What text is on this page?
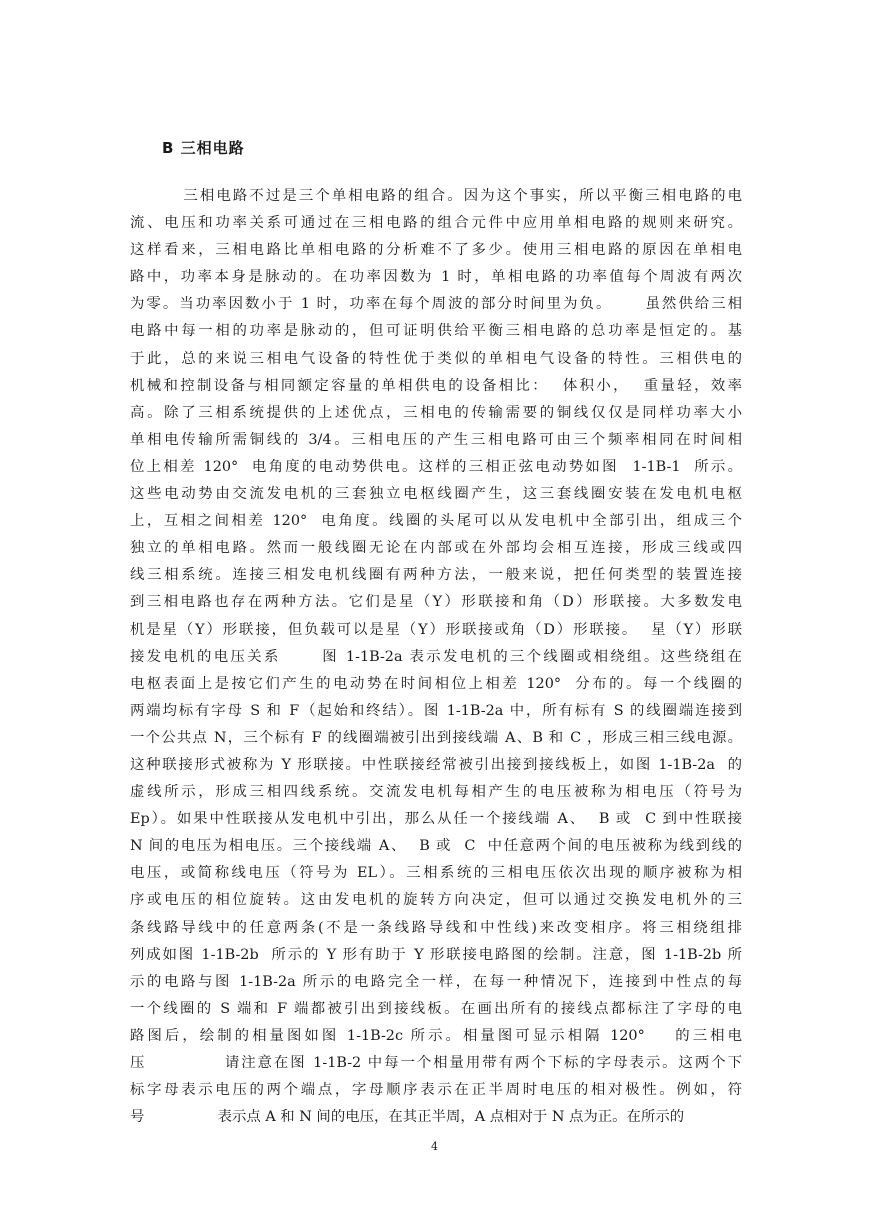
B 三相电路
三相电路不过是三个单相电路的组合。因为这个事实，所以平衡三相电路的电
流、电压和功率关系可通过在三相电路的组合元件中应用单相电路的规则来研究。
这样看来，三相电路比单相电路的分析难不了多少。使用三相电路的原因在单相电
路中，功率本身是脉动的。在功率因数为 1 时，单相电路的功率值每个周波有两次
为零。当功率因数小于 1 时，功率在每个周波的部分时间里为负。     虽然供给三相
电路中每一相的功率是脉动的，但可证明供给平衡三相电路的总功率是恒定的。基
于此，总的来说三相电气设备的特性优于类似的单相电气设备的特性。三相供电的
机械和控制设备与相同额定容量的单相供电的设备相比：  体积小，  重量轻，效率
高。除了三相系统提供的上述优点，三相电的传输需要的铜线仅仅是同样功率大小
单相电传输所需铜线的 3/4。三相电压的产生三相电路可由三个频率相同在时间相
位上相差 120°  电角度的电动势供电。这样的三相正弦电动势如图  1-1B-1  所示。
这些电动势由交流发电机的三套独立电枢线圈产生，这三套线圈安装在发电机电枢
上，互相之间相差 120°  电角度。线圈的头尾可以从发电机中全部引出，组成三个
独立的单相电路。然而一般线圈无论在内部或在外部均会相互连接，形成三线或四
线三相系统。连接三相发电机线圈有两种方法，一般来说，把任何类型的装置连接
到三相电路也存在两种方法。它们是星（Y）形联接和角（D）形联接。大多数发电
机是星（Y）形联接，但负载可以是星（Y）形联接或角（D）形联接。  星（Y）形联
接发电机的电压关系      图 1-1B-2a 表示发电机的三个线圈或相绕组。这些绕组在
电枢表面上是按它们产生的电动势在时间相位上相差 120°  分布的。每一个线圈的
两端均标有字母 S 和 F（起始和终结）。图 1-1B-2a 中，所有标有 S 的线圈端连接到
一个公共点 N，三个标有 F 的线圈端被引出到接线端 A、B 和 C ，形成三相三线电源。
这种联接形式被称为 Y 形联接。中性联接经常被引出接到接线板上，如图 1-1B-2a  的
虚线所示，形成三相四线系统。交流发电机每相产生的电压被称为相电压（符号为
Ep）。如果中性联接从发电机中引出，那么从任一个接线端 A、  B 或  C 到中性联接
N 间的电压为相电压。三个接线端 A、  B 或  C  中任意两个间的电压被称为线到线的
电压，或简称线电压（符号为 EL）。三相系统的三相电压依次出现的顺序被称为相
序或电压的相位旋转。这由发电机的旋转方向决定，但可以通过交换发电机外的三
条线路导线中的任意两条(不是一条线路导线和中性线)来改变相序。将三相绕组排
列成如图 1-1B-2b  所示的 Y 形有助于 Y 形联接电路图的绘制。注意，图 1-1B-2b 所
示的电路与图 1-1B-2a 所示的电路完全一样，在每一种情况下，连接到中性点的每
一个线圈的 S 端和 F 端都被引出到接线板。在画出所有的接线点都标注了字母的电
路图后，绘制的相量图如图 1-1B-2c 所示。相量图可显示相隔 120°    的三相电
压            请注意在图 1-1B-2 中每一个相量用带有两个下标的字母表示。这两个下
标字母表示电压的两个端点，字母顺序表示在正半周时电压的相对极性。例如，符
号                表示点 A 和 N 间的电压，在其正半周，A 点相对于 N 点为正。在所示的
4
